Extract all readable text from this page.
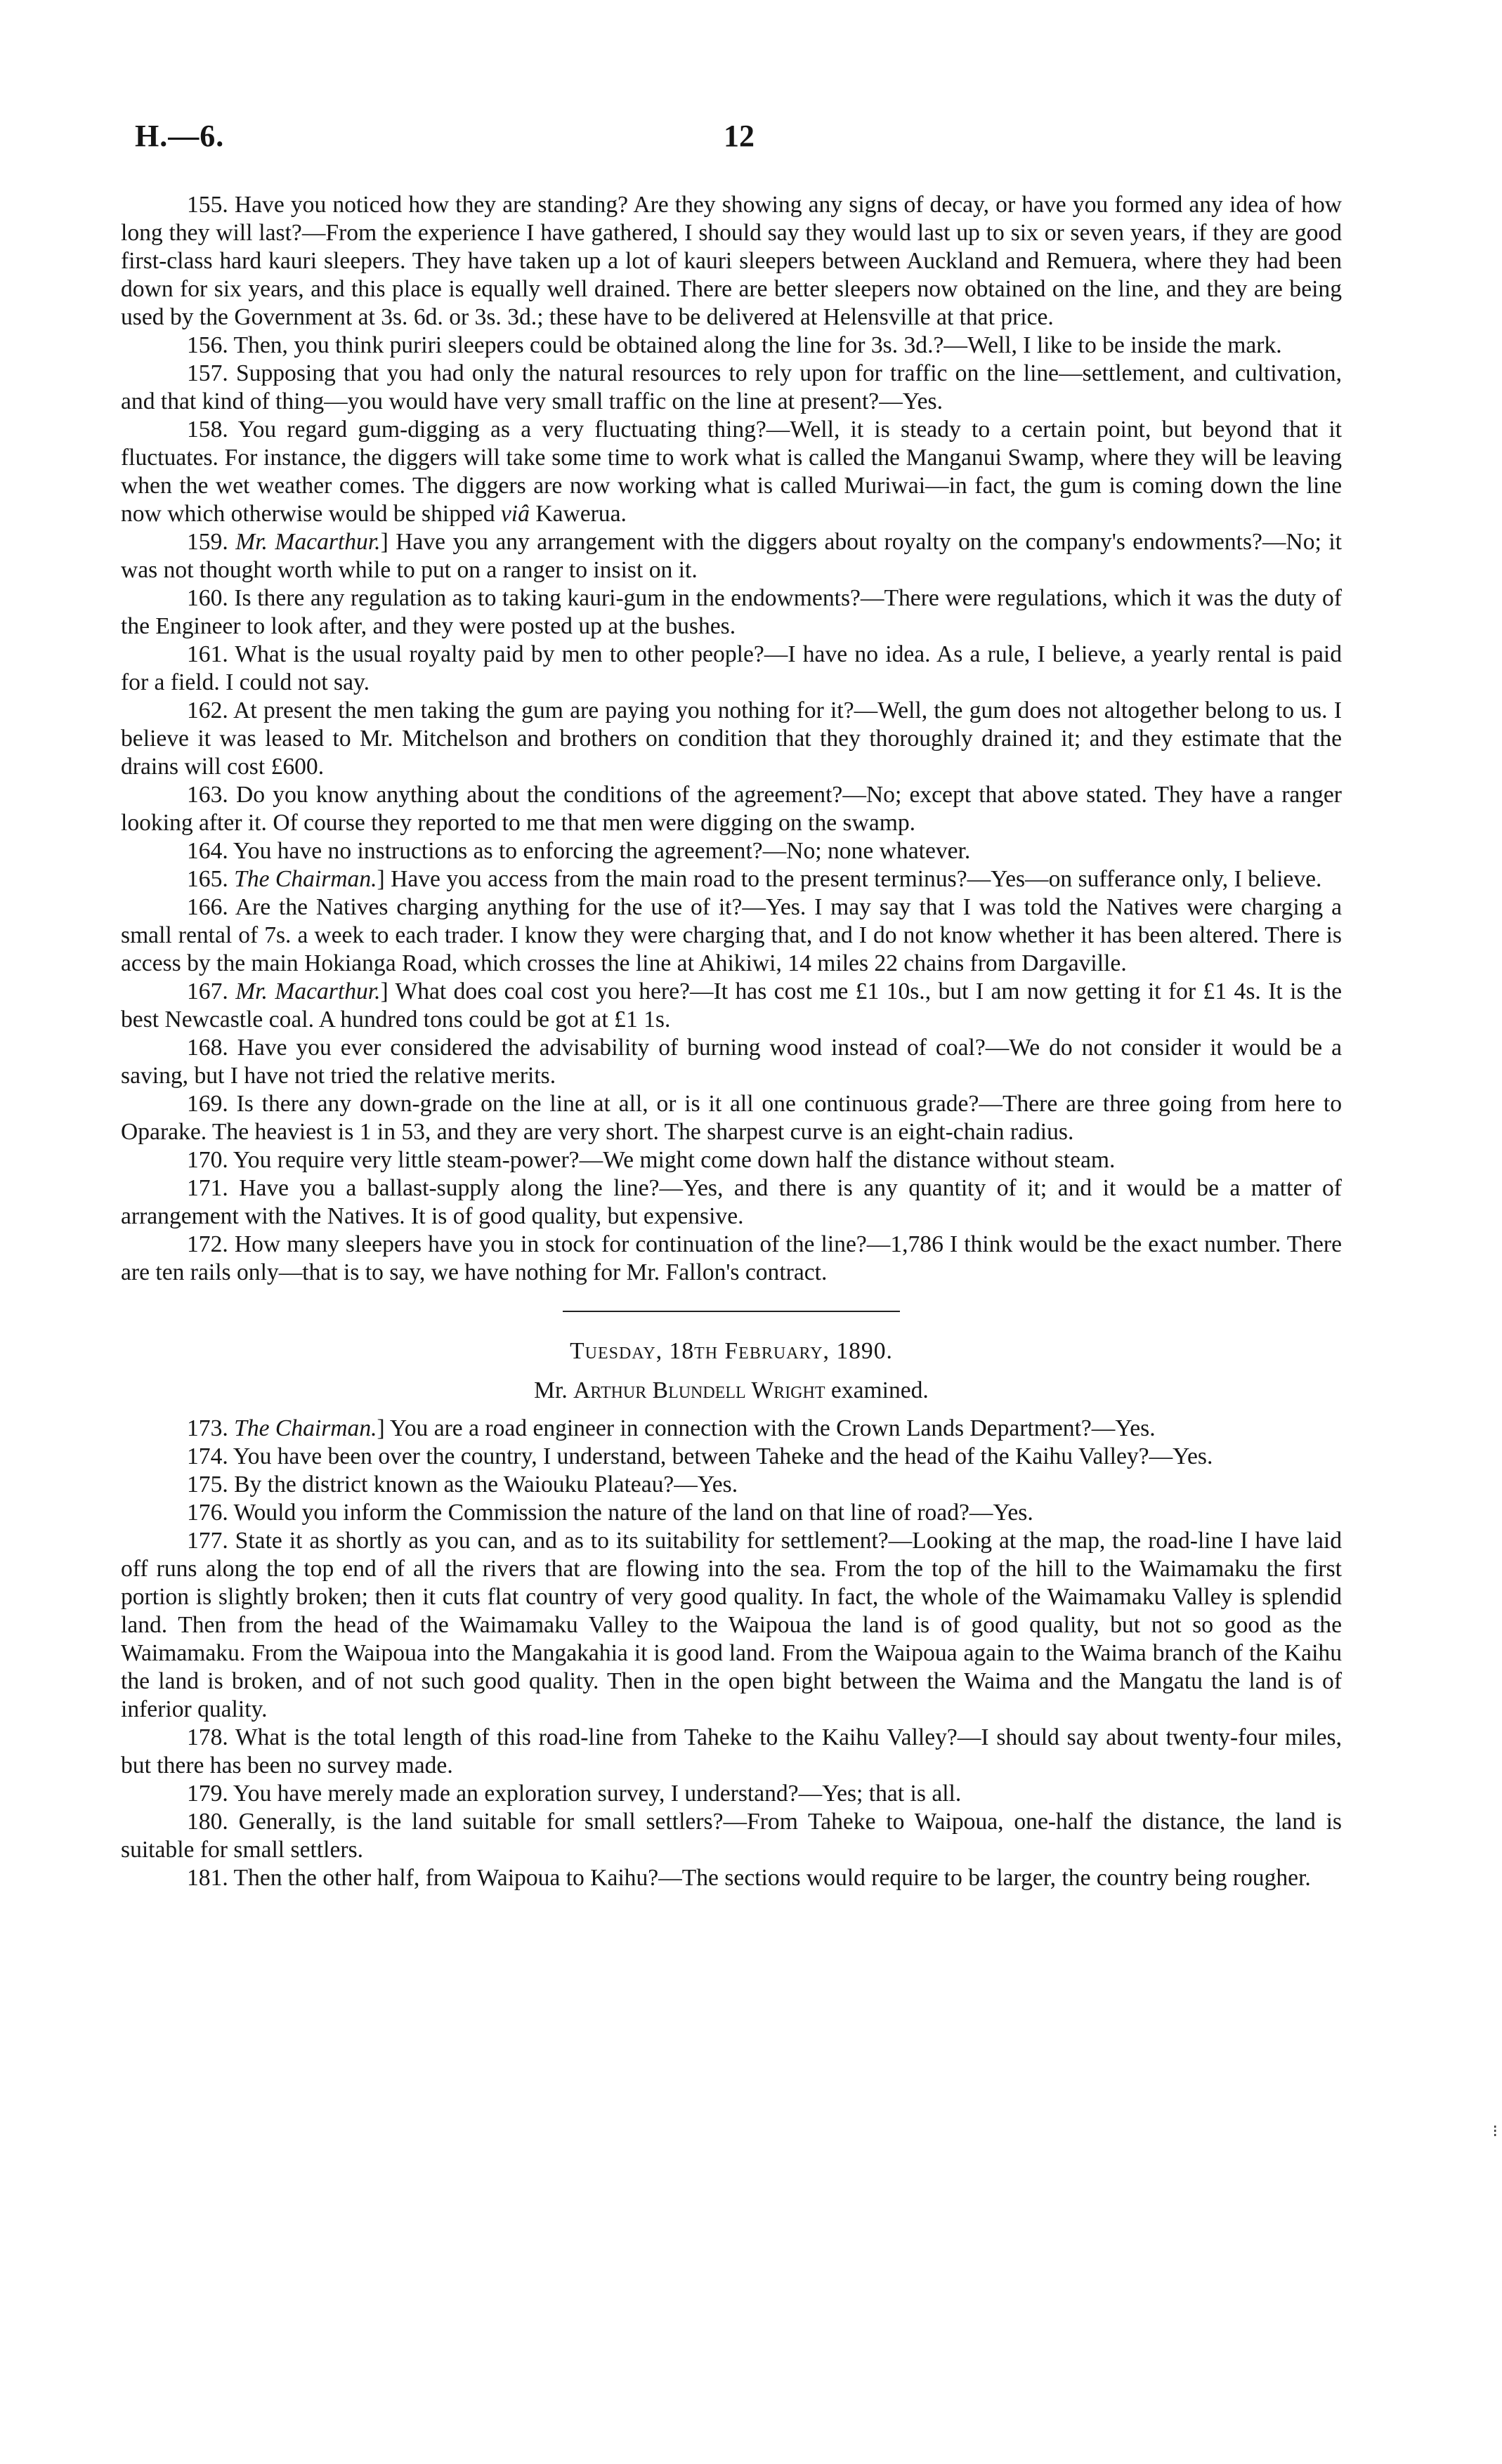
H.—6.	12

155. Have you noticed how they are standing? Are they showing any signs of decay, or have you formed any idea of how long they will last?—From the experience I have gathered, I should say they would last up to six or seven years, if they are good first-class hard kauri sleepers. They have taken up a lot of kauri sleepers between Auckland and Remuera, where they had been down for six years, and this place is equally well drained. There are better sleepers now obtained on the line, and they are being used by the Government at 3s. 6d. or 3s. 3d.; these have to be delivered at Helensville at that price.

156. Then, you think puriri sleepers could be obtained along the line for 3s. 3d.?—Well, I like to be inside the mark.

157. Supposing that you had only the natural resources to rely upon for traffic on the line—settlement, and cultivation, and that kind of thing—you would have very small traffic on the line at present?—Yes.

158. You regard gum-digging as a very fluctuating thing?—Well, it is steady to a certain point, but beyond that it fluctuates. For instance, the diggers will take some time to work what is called the Manganui Swamp, where they will be leaving when the wet weather comes. The diggers are now working what is called Muriwai—in fact, the gum is coming down the line now which otherwise would be shipped viâ Kawerua.

159. Mr. Macarthur.] Have you any arrangement with the diggers about royalty on the company's endowments?—No; it was not thought worth while to put on a ranger to insist on it.

160. Is there any regulation as to taking kauri-gum in the endowments?—There were regulations, which it was the duty of the Engineer to look after, and they were posted up at the bushes.

161. What is the usual royalty paid by men to other people?—I have no idea. As a rule, I believe, a yearly rental is paid for a field. I could not say.

162. At present the men taking the gum are paying you nothing for it?—Well, the gum does not altogether belong to us. I believe it was leased to Mr. Mitchelson and brothers on condition that they thoroughly drained it; and they estimate that the drains will cost £600.

163. Do you know anything about the conditions of the agreement?—No; except that above stated. They have a ranger looking after it. Of course they reported to me that men were digging on the swamp.

164. You have no instructions as to enforcing the agreement?—No; none whatever.

165. The Chairman.] Have you access from the main road to the present terminus?—Yes—on sufferance only, I believe.

166. Are the Natives charging anything for the use of it?—Yes. I may say that I was told the Natives were charging a small rental of 7s. a week to each trader. I know they were charging that, and I do not know whether it has been altered. There is access by the main Hokianga Road, which crosses the line at Ahikiwi, 14 miles 22 chains from Dargaville.

167. Mr. Macarthur.] What does coal cost you here?—It has cost me £1 10s., but I am now getting it for £1 4s. It is the best Newcastle coal. A hundred tons could be got at £1 1s.

168. Have you ever considered the advisability of burning wood instead of coal?—We do not consider it would be a saving, but I have not tried the relative merits.

169. Is there any down-grade on the line at all, or is it all one continuous grade?—There are three going from here to Oparake. The heaviest is 1 in 53, and they are very short. The sharpest curve is an eight-chain radius.

170. You require very little steam-power?—We might come down half the distance without steam.

171. Have you a ballast-supply along the line?—Yes, and there is any quantity of it; and it would be a matter of arrangement with the Natives. It is of good quality, but expensive.

172. How many sleepers have you in stock for continuation of the line?—1,786 I think would be the exact number. There are ten rails only—that is to say, we have nothing for Mr. Fallon's contract.

Tuesday, 18th February, 1890.

Mr. Arthur Blundell Wright examined.

173. The Chairman.] You are a road engineer in connection with the Crown Lands Department?—Yes.

174. You have been over the country, I understand, between Taheke and the head of the Kaihu Valley?—Yes.

175. By the district known as the Waiouku Plateau?—Yes.

176. Would you inform the Commission the nature of the land on that line of road?—Yes.

177. State it as shortly as you can, and as to its suitability for settlement?—Looking at the map, the road-line I have laid off runs along the top end of all the rivers that are flowing into the sea. From the top of the hill to the Waimamaku the first portion is slightly broken; then it cuts flat country of very good quality. In fact, the whole of the Waimamaku Valley is splendid land. Then from the head of the Waimamaku Valley to the Waipoua the land is of good quality, but not so good as the Waimamaku. From the Waipoua into the Mangakahia it is good land. From the Waipoua again to the Waima branch of the Kaihu the land is broken, and of not such good quality. Then in the open bight between the Waima and the Mangatu the land is of inferior quality.

178. What is the total length of this road-line from Taheke to the Kaihu Valley?—I should say about twenty-four miles, but there has been no survey made.

179. You have merely made an exploration survey, I understand?—Yes; that is all.

180. Generally, is the land suitable for small settlers?—From Taheke to Waipoua, one-half the distance, the land is suitable for small settlers.

181. Then the other half, from Waipoua to Kaihu?—The sections would require to be larger, the country being rougher.

⁝
